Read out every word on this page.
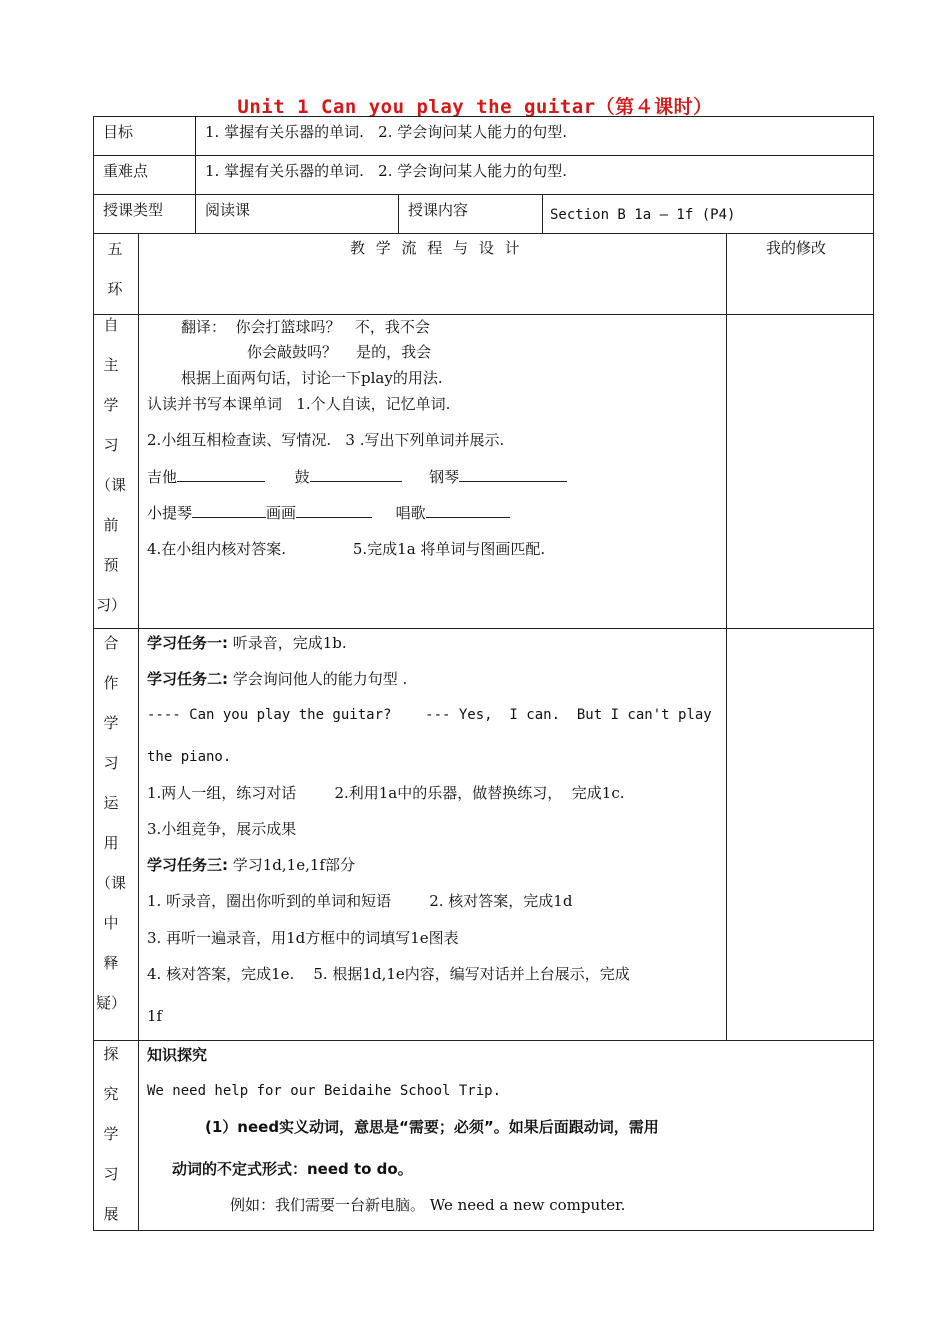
Unit 1 Can you play the guitar（第４课时）
目标	1. 掌握有关乐器的单词.   2. 学会询问某人能力的句型.
重难点	1. 掌握有关乐器的单词.   2. 学会询问某人能力的句型.
授课类型	阅读课	授课内容	Section B 1a — 1f (P4)
五
环
教 学 流 程 与 设 计	我的修改
自
主
学
习
（课
前
预
习）
翻译：  你会打篮球吗？   不，我不会
你会敲鼓吗？    是的，我会
根据上面两句话，讨论一下play的用法.
认读并书写本课单词   1.个人自读，记忆单词.
2.小组互相检查读、写情况.   3 .写出下列单词并展示.
吉他	鼓	钢琴
小提琴	画画	唱歌
4.在小组内核对答案.              5.完成1a 将单词与图画匹配.
合
作
学
习
运
用
（课
中
释
疑）
学习任务一: 听录音，完成1b.
学习任务二: 学会询问他人的能力句型 .
---- Can you play the guitar?    --- Yes,  I can.  But I can't play
the piano.
1.两人一组，练习对话        2.利用1a中的乐器，做替换练习，  完成1c.
3.小组竞争，展示成果
学习任务三: 学习1d,1e,1f部分
1. 听录音，圈出你听到的单词和短语        2. 核对答案，完成1d
3. 再听一遍录音，用1d方框中的词填写1e图表
4. 核对答案，完成1e.    5. 根据1d,1e内容，编写对话并上台展示，完成
1f
探
究
学
习
展
知识探究
We need help for our Beidaihe School Trip.
(1）need实义动词，意思是“需要；必须”。如果后面跟动词，需用
动词的不定式形式：need to do。
例如：我们需要一台新电脑。 We need a new computer.
